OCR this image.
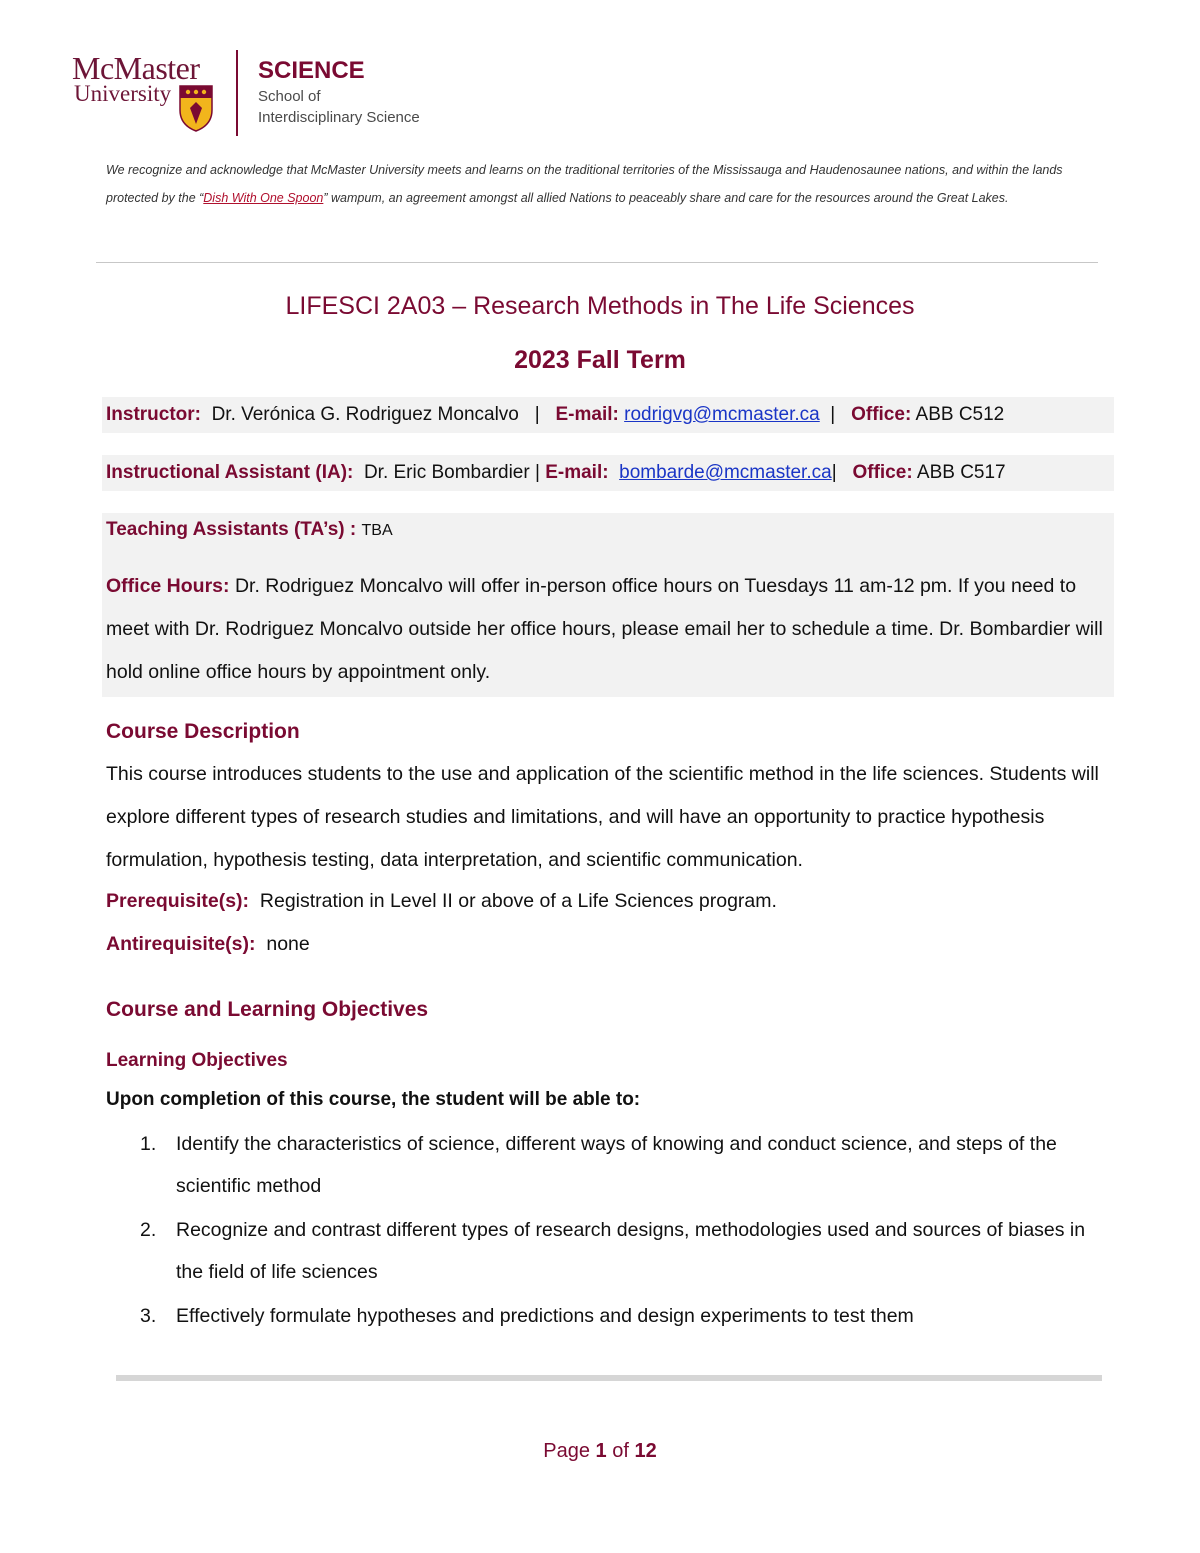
McMaster
University
SCIENCE
School of
Interdisciplinary Science
We recognize and acknowledge that McMaster University meets and learns on the traditional territories of the Mississauga and Haudenosaunee nations, and within the lands protected by the “Dish With One Spoon” wampum, an agreement amongst all allied Nations to peaceably share and care for the resources around the Great Lakes.
LIFESCI 2A03 – Research Methods in The Life Sciences
2023 Fall Term
Instructor: Dr. Verónica G. Rodriguez Moncalvo   |   E-mail: rodrigvg@mcmaster.ca  |   Office: ABB C512
Instructional Assistant (IA): Dr. Eric Bombardier | E-mail: bombarde@mcmaster.ca|   Office: ABB C517
Teaching Assistants (TA’s) : TBA
Office Hours: Dr. Rodriguez Moncalvo will offer in-person office hours on Tuesdays 11 am-12 pm. If you need to meet with Dr. Rodriguez Moncalvo outside her office hours, please email her to schedule a time. Dr. Bombardier will hold online office hours by appointment only.
Course Description
This course introduces students to the use and application of the scientific method in the life sciences. Students will explore different types of research studies and limitations, and will have an opportunity to practice hypothesis formulation, hypothesis testing, data interpretation, and scientific communication.
Prerequisite(s): Registration in Level II or above of a Life Sciences program.
Antirequisite(s): none
Course and Learning Objectives
Learning Objectives
Upon completion of this course, the student will be able to:
1. Identify the characteristics of science, different ways of knowing and conduct science, and steps of the scientific method
2. Recognize and contrast different types of research designs, methodologies used and sources of biases in the field of life sciences
3. Effectively formulate hypotheses and predictions and design experiments to test them
Page 1 of 12
